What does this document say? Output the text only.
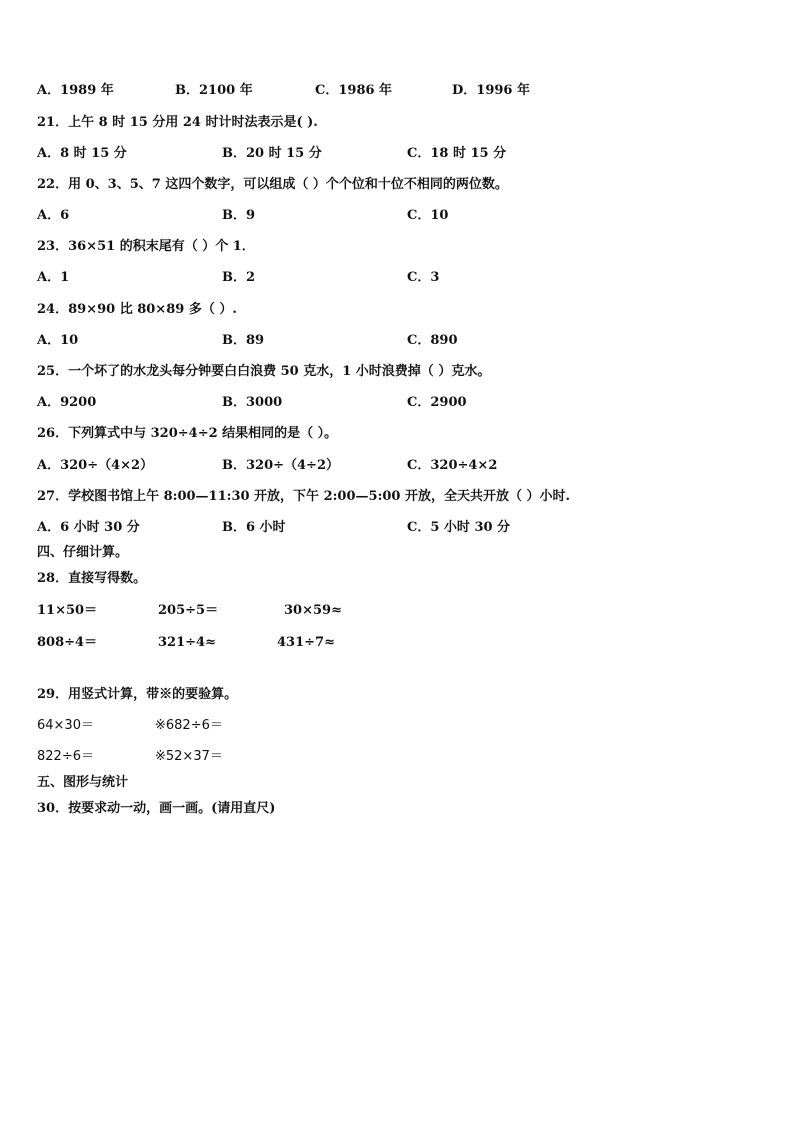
A．1989 年	B．2100 年	C．1986 年	D．1996 年
21．上午 8 时 15 分用 24 时计时法表示是( ).
A．8 时 15 分	B．20 时 15 分	C．18 时 15 分
22．用 0、3、5、7 这四个数字，可以组成（ ）个个位和十位不相同的两位数。
A．6	B．9	C．10
23．36×51 的积末尾有（ ）个 1．
A．1	B．2	C．3
24．89×90 比 80×89 多（ ）.
A．10	B．89	C．890
25．一个坏了的水龙头每分钟要白白浪费 50 克水，1 小时浪费掉（ ）克水。
A．9200	B．3000	C．2900
26．下列算式中与 320÷4÷2 结果相同的是（ ）。
A．320÷（4×2）	B．320÷（4÷2）	C．320÷4×2
27．学校图书馆上午 8:00—11:30 开放，下午 2:00—5:00 开放，全天共开放（ ）小时.
A．6 小时 30 分	B．6 小时	C．5 小时 30 分
四、仔细计算。
28．直接写得数。
11×50＝	205÷5＝	30×59≈
808÷4＝	321÷4≈	431÷7≈
29．用竖式计算，带※的要验算。
64×30＝	※682÷6＝
822÷6＝	※52×37＝
五、图形与统计
30．按要求动一动，画一画。(请用直尺)
